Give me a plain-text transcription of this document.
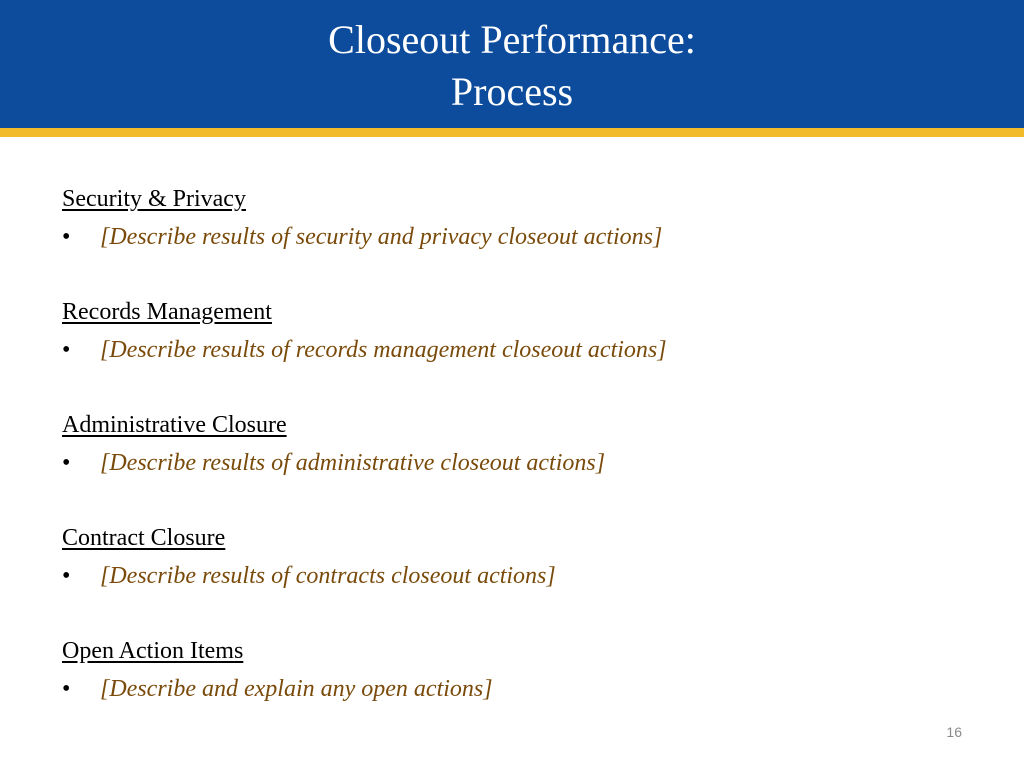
Closeout Performance:
Process
Security & Privacy
•	[Describe results of security and privacy closeout actions]
Records Management
•	[Describe results of records management closeout actions]
Administrative Closure
•	[Describe results of administrative closeout actions]
Contract Closure
•	[Describe results of contracts closeout actions]
Open Action Items
•	[Describe and explain any open actions]
16
